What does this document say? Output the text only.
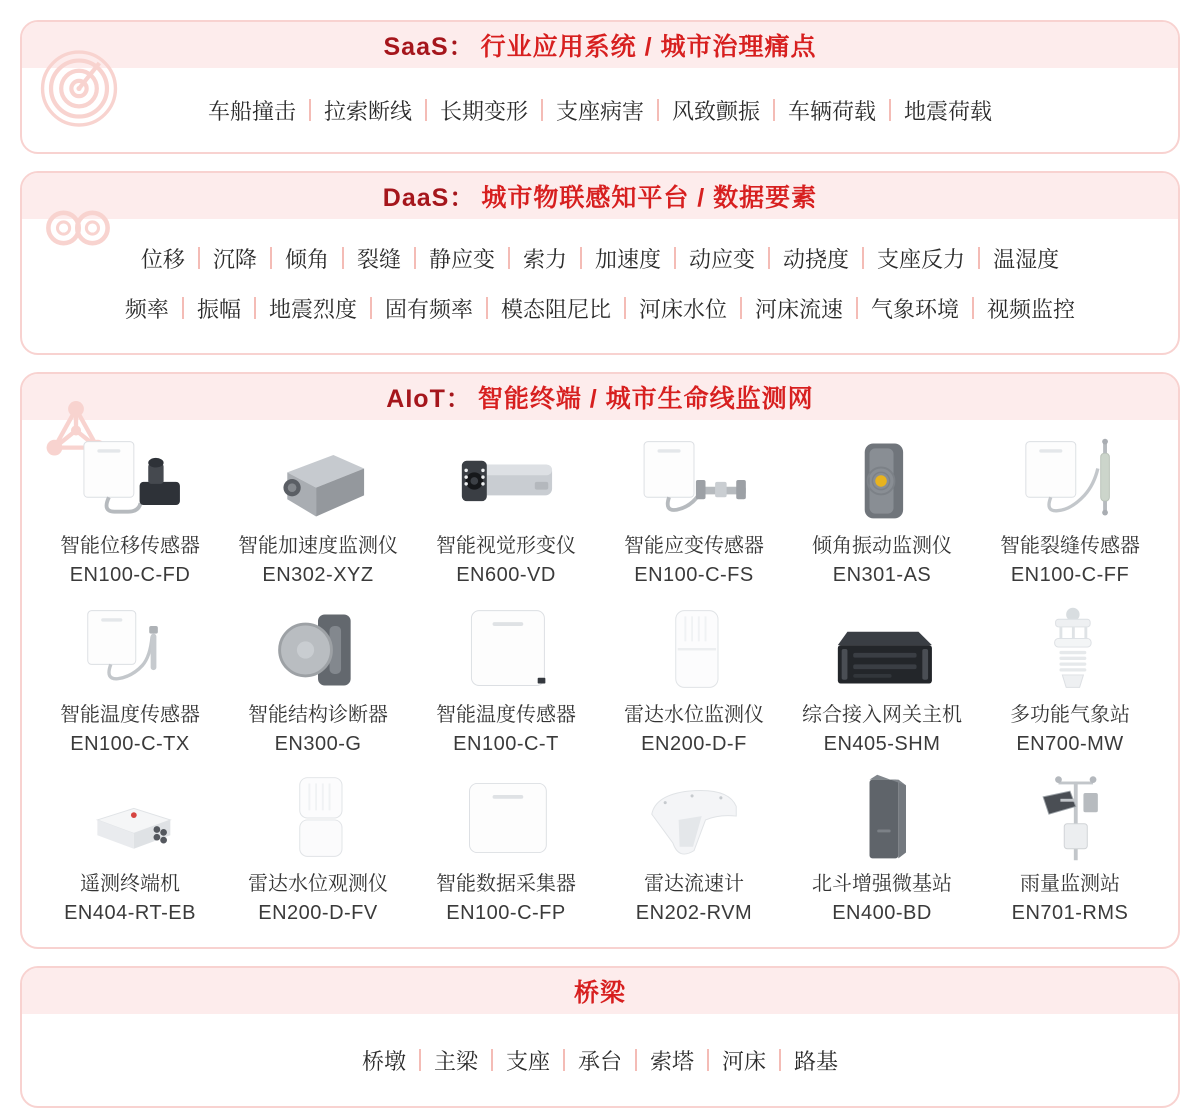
SaaS： 行业应用系统 / 城市治理痛点
车船撞击 拉索断线 长期变形 支座病害 风致颤振 车辆荷载 地震荷载
DaaS： 城市物联感知平台 / 数据要素
位移 沉降 倾角 裂缝 静应变 索力 加速度 动应变 动挠度 支座反力 温湿度
频率 振幅 地震烈度 固有频率 模态阻尼比 河床水位 河床流速 气象环境 视频监控
AIoT： 智能终端 / 城市生命线监测网
智能位移传感器
EN100-C-FD
智能加速度监测仪
EN302-XYZ
智能视觉形变仪
EN600-VD
智能应变传感器
EN100-C-FS
倾角振动监测仪
EN301-AS
智能裂缝传感器
EN100-C-FF
智能温度传感器
EN100-C-TX
智能结构诊断器
EN300-G
智能温度传感器
EN100-C-T
雷达水位监测仪
EN200-D-F
综合接入网关主机
EN405-SHM
多功能气象站
EN700-MW
遥测终端机
EN404-RT-EB
雷达水位观测仪
EN200-D-FV
智能数据采集器
EN100-C-FP
雷达流速计
EN202-RVM
北斗增强微基站
EN400-BD
雨量监测站
EN701-RMS
桥梁
桥墩 主梁 支座 承台 索塔 河床 路基
